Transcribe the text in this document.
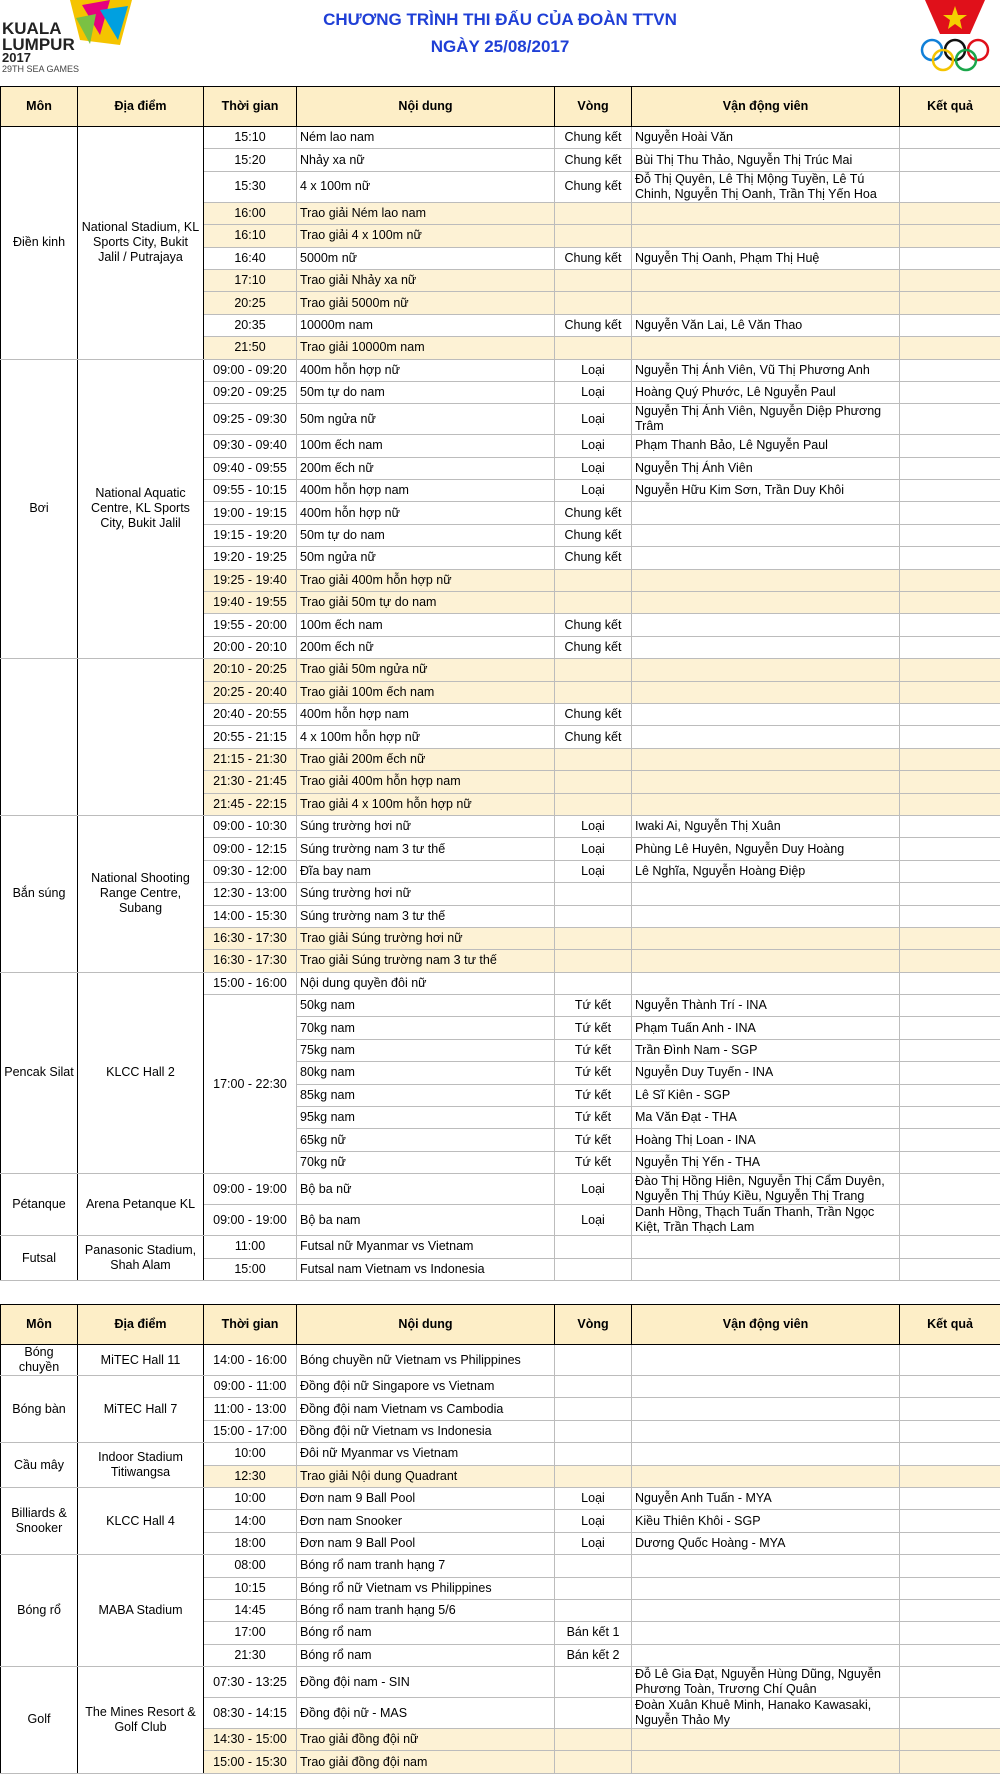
KUALA
LUMPUR
2017
29TH SEA GAMES
CHƯƠNG TRÌNH THI ĐẤU CỦA ĐOÀN TTVN
NGÀY 25/08/2017
Môn	Địa điểm	Thời gian	Nội dung	Vòng	Vận động viên	Kết quả
Điền kinh	National Stadium, KL Sports City, Bukit Jalil / Putrajaya	15:10	Ném lao nam	Chung kết	Nguyễn Hoài Văn	
		15:20	Nhảy xa nữ	Chung kết	Bùi Thị Thu Thảo, Nguyễn Thị Trúc Mai	
		15:30	4 x 100m nữ	Chung kết	Đỗ Thị Quyên, Lê Thị Mộng Tuyền, Lê Tú Chinh, Nguyễn Thị Oanh, Trần Thị Yến Hoa	
		16:00	Trao giải Ném lao nam			
		16:10	Trao giải 4 x 100m nữ			
		16:40	5000m nữ	Chung kết	Nguyễn Thị Oanh, Phạm Thị Huệ	
		17:10	Trao giải Nhảy xa nữ			
		20:25	Trao giải 5000m nữ			
		20:35	10000m nam	Chung kết	Nguyễn Văn Lai, Lê Văn Thao	
		21:50	Trao giải 10000m nam			
Bơi	National Aquatic Centre, KL Sports City, Bukit Jalil	09:00 - 09:20	400m hỗn hợp nữ	Loại	Nguyễn Thị Ánh Viên, Vũ Thị Phương Anh	
		09:20 - 09:25	50m tự do nam	Loại	Hoàng Quý Phước, Lê Nguyễn Paul	
		09:25 - 09:30	50m ngửa nữ	Loại	Nguyễn Thị Ánh Viên, Nguyễn Diệp Phương Trâm	
		09:30 - 09:40	100m ếch nam	Loại	Phạm Thanh Bảo, Lê Nguyễn Paul	
		09:40 - 09:55	200m ếch nữ	Loại	Nguyễn Thị Ánh Viên	
		09:55 - 10:15	400m hỗn hợp nam	Loại	Nguyễn Hữu Kim Sơn, Trần Duy Khôi	
		19:00 - 19:15	400m hỗn hợp nữ	Chung kết		
		19:15 - 19:20	50m tự do nam	Chung kết		
		19:20 - 19:25	50m ngửa nữ	Chung kết		
		19:25 - 19:40	Trao giải 400m hỗn hợp nữ			
		19:40 - 19:55	Trao giải 50m tự do nam			
		19:55 - 20:00	100m ếch nam	Chung kết		
		20:00 - 20:10	200m ếch nữ	Chung kết		
		20:10 - 20:25	Trao giải 50m ngửa nữ			
		20:25 - 20:40	Trao giải 100m ếch nam			
		20:40 - 20:55	400m hỗn hợp nam	Chung kết		
		20:55 - 21:15	4 x 100m hỗn hợp nữ	Chung kết		
		21:15 - 21:30	Trao giải 200m ếch nữ			
		21:30 - 21:45	Trao giải 400m hỗn hợp nam			
		21:45 - 22:15	Trao giải 4 x 100m hỗn hợp nữ			
Bắn súng	National Shooting Range Centre, Subang	09:00 - 10:30	Súng trường hơi nữ	Loại	Iwaki Ai, Nguyễn Thị Xuân	
		09:00 - 12:15	Súng trường nam 3 tư thế	Loại	Phùng Lê Huyên, Nguyễn Duy Hoàng	
		09:30 - 12:00	Đĩa bay nam	Loại	Lê Nghĩa, Nguyễn Hoàng Điệp	
		12:30 - 13:00	Súng trường hơi nữ			
		14:00 - 15:30	Súng trường nam 3 tư thế			
		16:30 - 17:30	Trao giải Súng trường hơi nữ			
		16:30 - 17:30	Trao giải Súng trường nam 3 tư thế			
Pencak Silat	KLCC Hall 2	15:00 - 16:00	Nội dung quyền đôi nữ			
		17:00 - 22:30	50kg nam	Tứ kết	Nguyễn Thành Trí - INA	
			70kg nam	Tứ kết	Phạm Tuấn Anh - INA	
			75kg nam	Tứ kết	Trần Đình Nam - SGP	
			80kg nam	Tứ kết	Nguyễn Duy Tuyến - INA	
			85kg nam	Tứ kết	Lê Sĩ Kiên - SGP	
			95kg nam	Tứ kết	Ma Văn Đạt - THA	
			65kg nữ	Tứ kết	Hoàng Thị Loan - INA	
			70kg nữ	Tứ kết	Nguyễn Thị Yến - THA	
Pétanque	Arena Petanque KL	09:00 - 19:00	Bộ ba nữ	Loại	Đào Thị Hồng Hiên, Nguyễn Thị Cẩm Duyên, Nguyễn Thị Thúy Kiều, Nguyễn Thị Trang	
		09:00 - 19:00	Bộ ba nam	Loại	Danh Hồng, Thạch Tuấn Thanh, Trần Ngọc Kiệt, Trần Thạch Lam	
Futsal	Panasonic Stadium, Shah Alam	11:00	Futsal nữ Myanmar vs Vietnam			
		15:00	Futsal nam Vietnam vs Indonesia			
Môn	Địa điểm	Thời gian	Nội dung	Vòng	Vận động viên	Kết quả
Bóng chuyền	MiTEC Hall 11	14:00 - 16:00	Bóng chuyền nữ Vietnam vs Philippines			
Bóng bàn	MiTEC Hall 7	09:00 - 11:00	Đồng đội nữ Singapore vs Vietnam			
		11:00 - 13:00	Đồng đội nam Vietnam vs Cambodia			
		15:00 - 17:00	Đồng đội nữ Vietnam vs Indonesia			
Cầu mây	Indoor Stadium Titiwangsa	10:00	Đôi nữ Myanmar vs Vietnam			
		12:30	Trao giải Nội dung Quadrant			
Billiards & Snooker	KLCC Hall 4	10:00	Đơn nam 9 Ball Pool	Loại	Nguyễn Anh Tuấn - MYA	
		14:00	Đơn nam Snooker	Loại	Kiều Thiên Khôi - SGP	
		18:00	Đơn nam 9 Ball Pool	Loại	Dương Quốc Hoàng - MYA	
Bóng rổ	MABA Stadium	08:00	Bóng rổ nam tranh hạng 7			
		10:15	Bóng rổ nữ Vietnam vs Philippines			
		14:45	Bóng rổ nam tranh hạng 5/6			
		17:00	Bóng rổ nam	Bán kết 1		
		21:30	Bóng rổ nam	Bán kết 2		
Golf	The Mines Resort & Golf Club	07:30 - 13:25	Đồng đội nam - SIN		Đỗ Lê Gia Đạt, Nguyễn Hùng Dũng, Nguyễn Phương Toàn, Trương Chí Quân	
		08:30 - 14:15	Đồng đội nữ - MAS		Đoàn Xuân Khuê Minh, Hanako Kawasaki, Nguyễn Thảo My	
		14:30 - 15:00	Trao giải đồng đội nữ			
		15:00 - 15:30	Trao giải đồng đội nam			
